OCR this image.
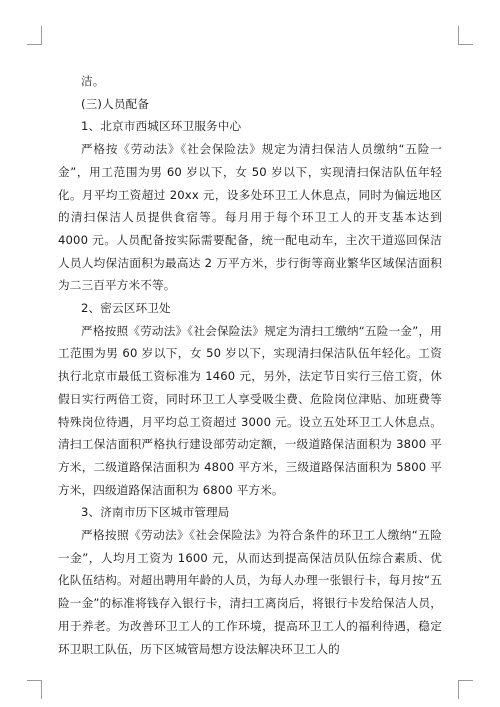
洁。

(三)人员配备

1、北京市西城区环卫服务中心

严格按《劳动法》《社会保险法》规定为清扫保洁人员缴纳“五险一金”，用工范围为男 60 岁以下，女 50 岁以下，实现清扫保洁队伍年轻化。月平均工资超过 20xx 元，设多处环卫工人休息点，同时为偏远地区的清扫保洁人员提供食宿等。每月用于每个环卫工人的开支基本达到 4000 元。人员配备按实际需要配备，统一配电动车，主次干道巡回保洁人员人均保洁面积为最高达 2 万平方米，步行街等商业繁华区域保洁面积为二三百平方米不等。

2、密云区环卫处

严格按照《劳动法》《社会保险法》规定为清扫工缴纳“五险一金”，用工范围为男 60 岁以下，女 50 岁以下，实现清扫保洁队伍年轻化。工资执行北京市最低工资标准为 1460 元，另外，法定节日实行三倍工资，休假日实行两倍工资，同时环卫工人享受吸尘费、危险岗位津贴、加班费等特殊岗位待遇，月平均总工资超过 3000 元。设立五处环卫工人休息点。清扫工保洁面积严格执行建设部劳动定额，一级道路保洁面积为 3800 平方米，二级道路保洁面积为 4800 平方米，三级道路保洁面积为 5800 平方米，四级道路保洁面积为 6800 平方米。

3、济南市历下区城市管理局

严格按照《劳动法》《社会保险法》为符合条件的环卫工人缴纳“五险一金”，人均月工资为 1600 元，从而达到提高保洁员队伍综合素质、优化队伍结构。对超出聘用年龄的人员，为每人办理一张银行卡，每月按“五险一金”的标准将钱存入银行卡，清扫工离岗后，将银行卡发给保洁人员，用于养老。为改善环卫工人的工作环境，提高环卫工人的福利待遇，稳定环卫职工队伍，历下区城管局想方设法解决环卫工人的
